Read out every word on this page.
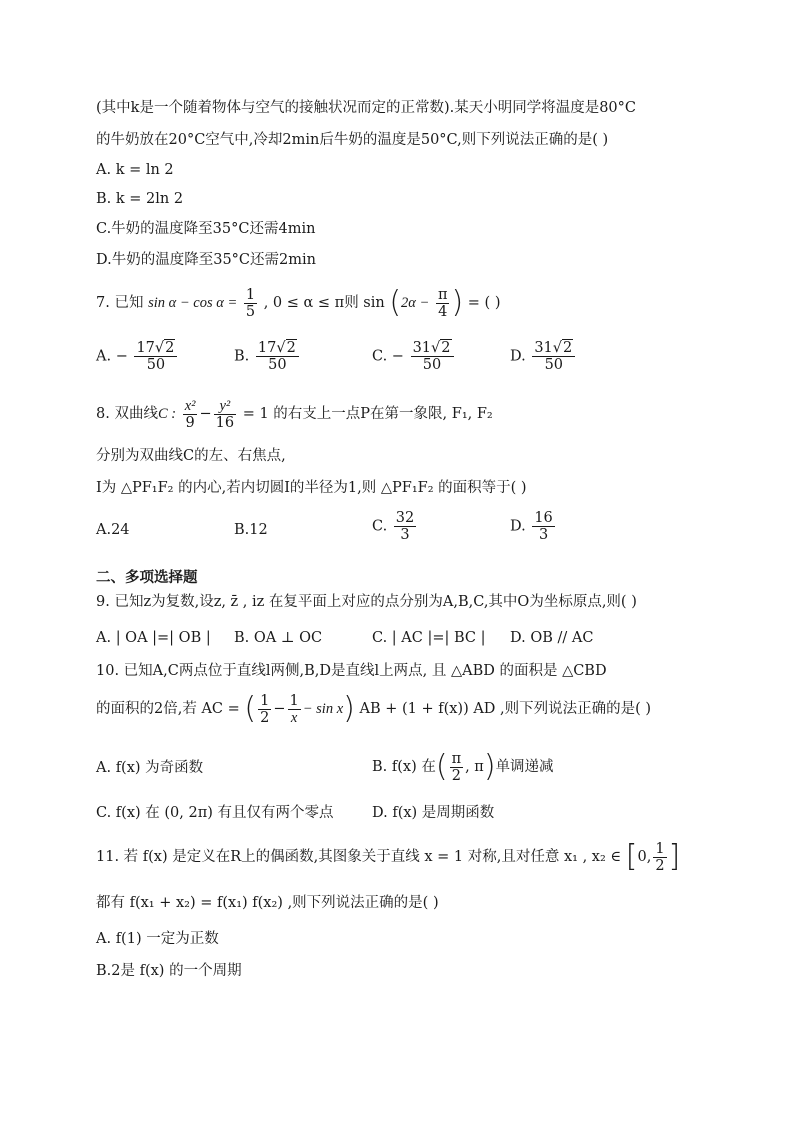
(其中k是一个随着物体与空气的接触状况而定的正常数).某天小明同学将温度是80°C
的牛奶放在20°C空气中,冷却2min后牛奶的温度是50°C,则下列说法正确的是( )
A. k = ln 2
B. k = 2ln 2
C.牛奶的温度降至35°C还需4min
D.牛奶的温度降至35°C还需2min
7. 已知 $\sin \alpha - \cos \alpha = \frac{1}{5}$ , 0 ≤ α ≤ π则 $\sin (2\alpha - \frac{\pi}{4}$ ) = ( )
A. − $\frac{17√2}{50}$	B. $\frac{17√2}{50}$	C. − $\frac{31√2}{50}$	D. $\frac{31√2}{50}$
8. 双曲线C : $\frac{\text{x²}}{9} - \frac{\text{y²}}{16} = 1$ 的右支上一点P在第一象限, F₁, F₂
分别为双曲线C的左、右焦点,
I为 △PF₁F₂ 的内心,若内切圆I的半径为1,则 △PF₁F₂ 的面积等于( )
A.24	B.12	C. $\frac{32}{3}$	D. $\frac{16}{3}$
二、多项选择题
9. 已知z为复数,设z, z̄ , iz 在复平面上对应的点分别为A,B,C,其中O为坐标原点,则( )
A. | OA |=| OB | B. OA ⊥ OC	C. | AC |=| BC | D. OB // AC
10. 已知A,C两点位于直线l两侧,B,D是直线l上两点, 且 △ABD 的面积是 △CBD
的面积的2倍,若 AC = ( $\frac{1}{2} - \frac{1}{x} - \sin x$) AB + (1 + f(x)) AD ,则下列说法正确的是( )
A. f(x) 为奇函数	B. f(x) 在( $\frac{\pi}{2}$ , π)单调递减
C. f(x) 在 (0, 2π) 有且仅有两个零点	D. f(x) 是周期函数
11. 若 f(x) 是定义在R上的偶函数,其图象关于直线 x = 1 对称,且对任意 x₁ , x₂ ∈ [0, $\frac{1}{2}$ ]
都有 f(x₁ + x₂) = f(x₁) f(x₂) ,则下列说法正确的是( )
A. f(1) 一定为正数
B.2是 f(x) 的一个周期
